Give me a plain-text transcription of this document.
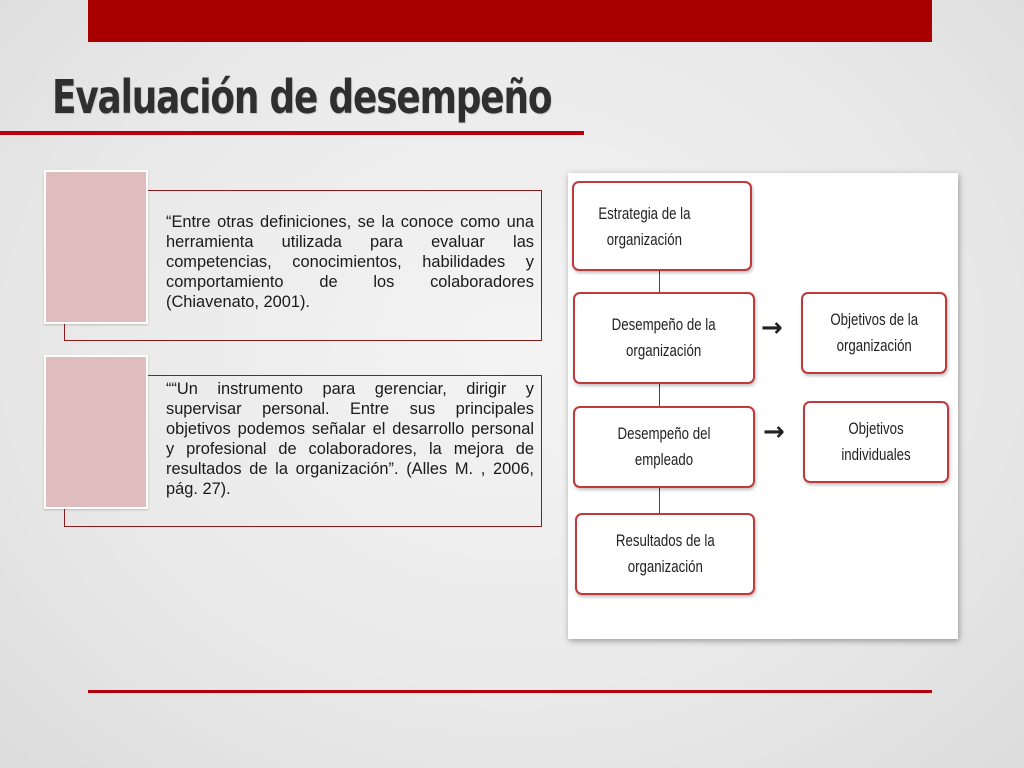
Evaluación de desempeño
“Entre otras definiciones, se la conoce como una herramienta utilizada para evaluar las competencias, conocimientos, habilidades y comportamiento de los colaboradores (Chiavenato, 2001).
““Un instrumento para gerenciar, dirigir y supervisar personal. Entre sus principales objetivos podemos señalar el desarrollo personal y profesional de colaboradores, la mejora de resultados de la organización”. (Alles M. , 2006, pág. 27).
Estrategia de la organización
Desempeño de la
organización
→	Objetivos de la
organización
Desempeño del empleado
→	Objetivos individuales
Resultados de la
organización
